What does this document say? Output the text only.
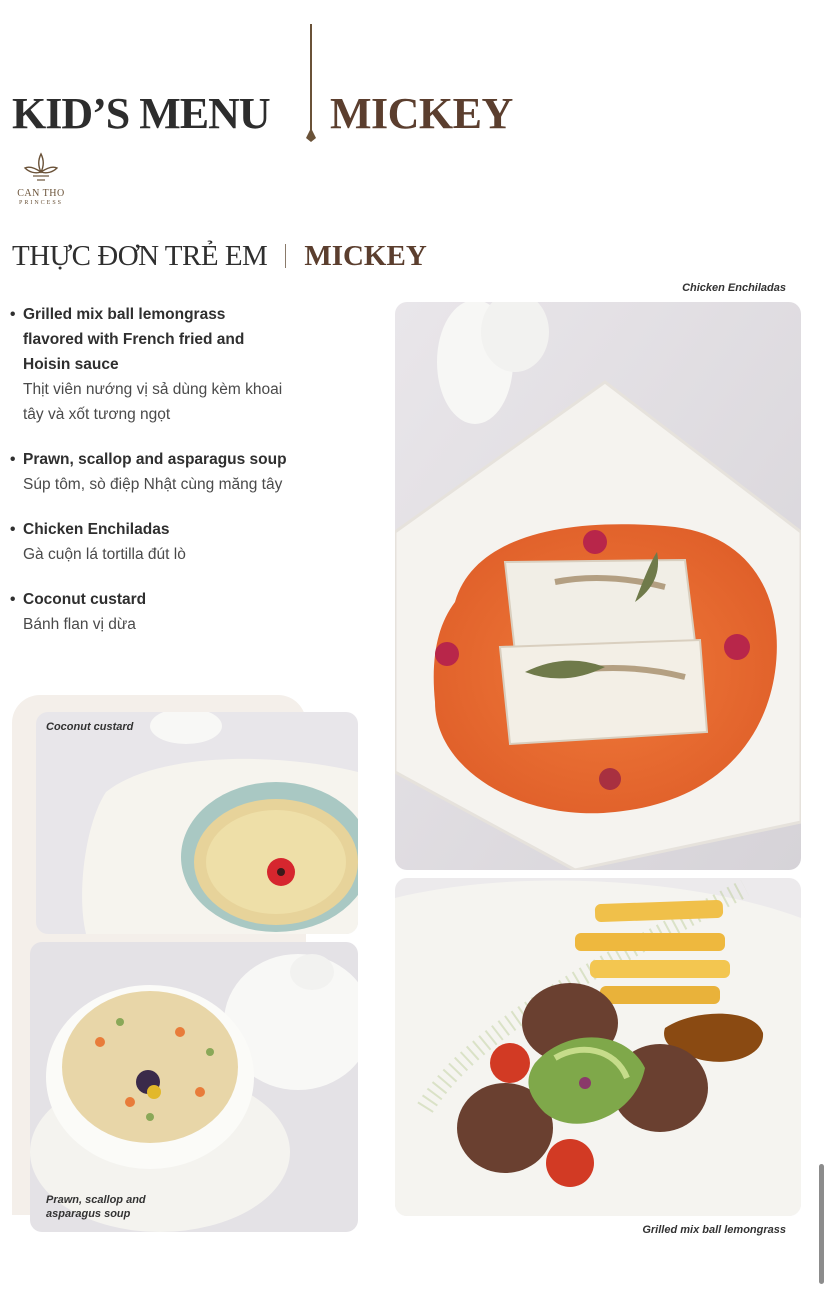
KID’S MENU MICKEY
CAN THO
PRINCESS
THỰC ĐƠN TRẺ EM MICKEY
• Grilled mix ball lemongrass flavored with French fried and Hoisin sauce
Thịt viên nướng vị sả dùng kèm khoai tây và xốt tương ngọt
• Prawn, scallop and asparagus soup
Súp tôm, sò điệp Nhật cùng măng tây
• Chicken Enchiladas
Gà cuộn lá tortilla đút lò
• Coconut custard
Bánh flan vị dừa
Chicken Enchiladas
Coconut custard
Prawn, scallop and asparagus soup
Grilled mix ball lemongrass
